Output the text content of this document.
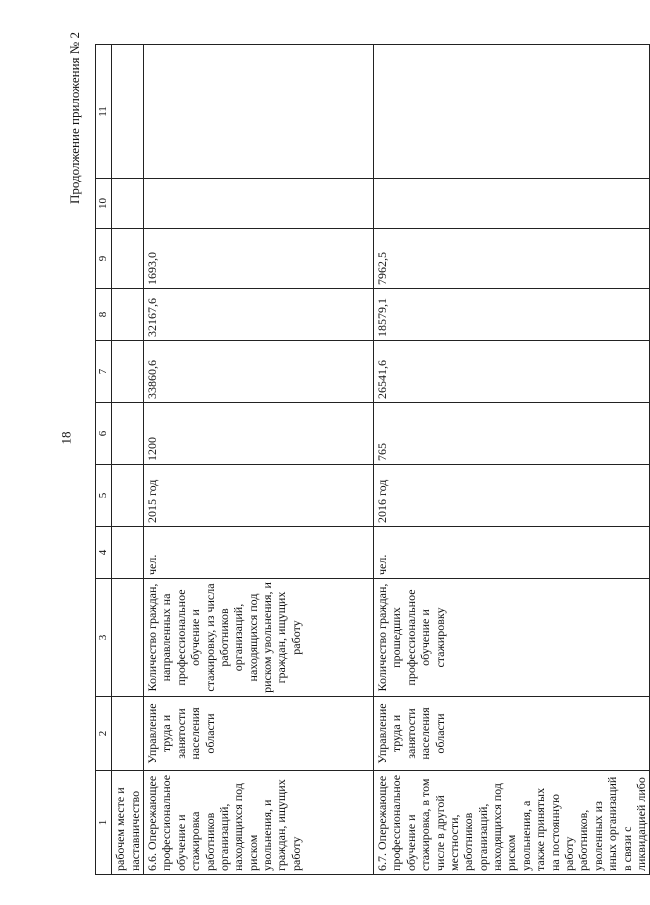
18
Продолжение приложения № 2
1	2	3	4	5	6	7	8	9	10	11
рабочем месте и наставничество										
6.6. Опережающее профессиональное обучение и стажировка работников организаций, находящихся под риском увольнения, и граждан, ищущих работу	Управление труда и занятости населения области	Количество граждан, направленных на профессиональное обучение и стажировку, из числа работников организаций, находящихся под риском увольнения, и граждан, ищущих работу	чел.	2015 год	1200	33860,6	32167,6	1693,0		
6.7. Опережающее профессиональное обучение и стажировка, в том числе в другой местности, работников организаций, находящихся под риском увольнения, а также принятых на постоянную работу работников, уволенных из иных организаций в связи с ликвидацией либо	Управление труда и занятости населения области	Количество граждан, прошедших профессиональное обучение и стажировку	чел.	2016 год	765	26541,6	18579,1	7962,5		
